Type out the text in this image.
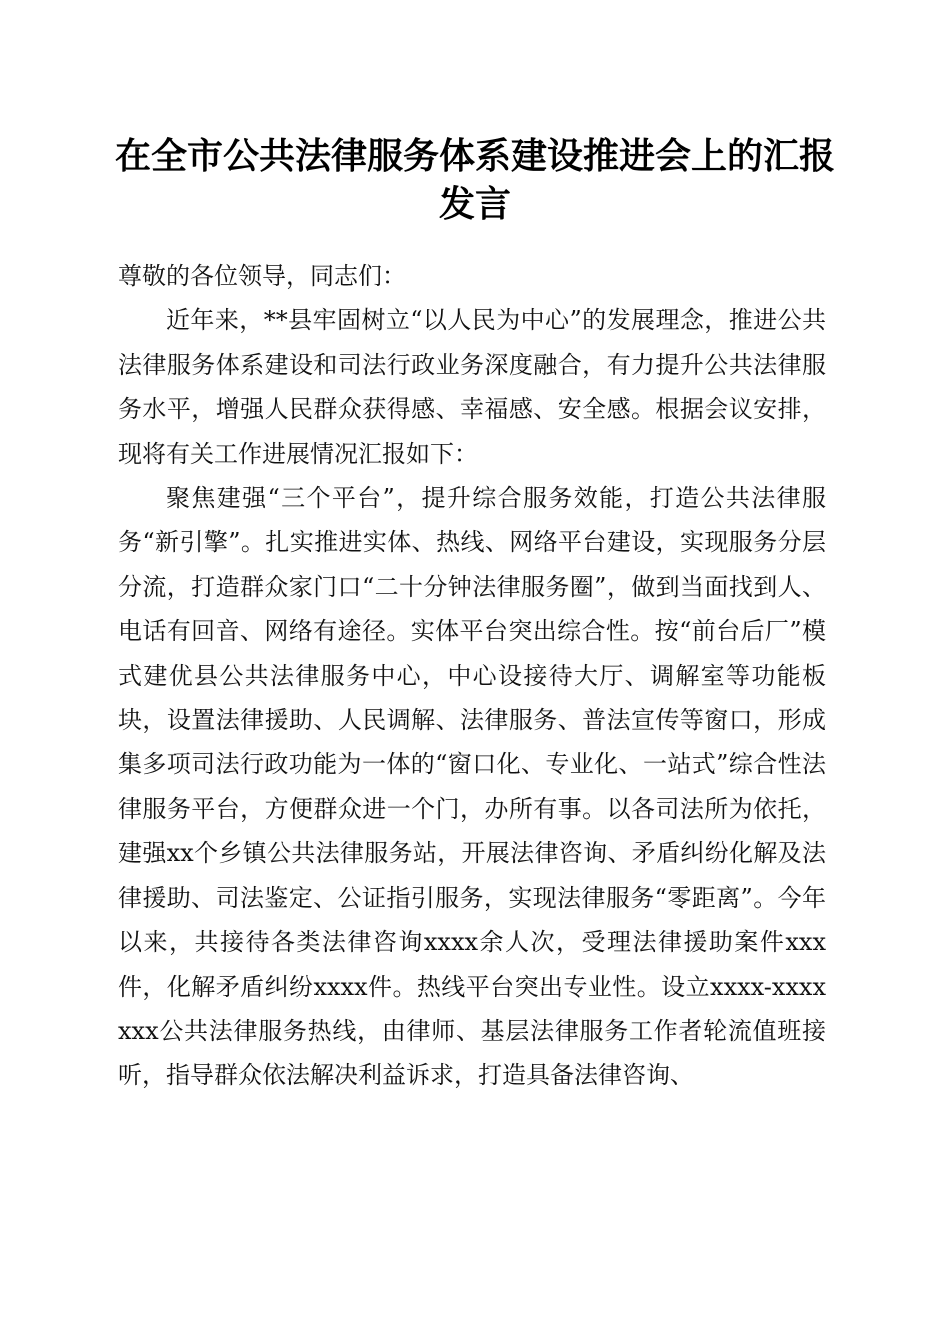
在全市公共法律服务体系建设推进会上的汇报
发言

尊敬的各位领导，同志们：

近年来，**县牢固树立“以人民为中心”的发展理念，推进公共法律服务体系建设和司法行政业务深度融合，有力提升公共法律服务水平，增强人民群众获得感、幸福感、安全感。根据会议安排，现将有关工作进展情况汇报如下：

聚焦建强“三个平台”，提升综合服务效能，打造公共法律服务“新引擎”。扎实推进实体、热线、网络平台建设，实现服务分层分流，打造群众家门口“二十分钟法律服务圈”，做到当面找到人、电话有回音、网络有途径。实体平台突出综合性。按“前台后厂”模式建优县公共法律服务中心，中心设接待大厅、调解室等功能板块，设置法律援助、人民调解、法律服务、普法宣传等窗口，形成集多项司法行政功能为一体的“窗口化、专业化、一站式”综合性法律服务平台，方便群众进一个门，办所有事。以各司法所为依托，建强xx个乡镇公共法律服务站，开展法律咨询、矛盾纠纷化解及法律援助、司法鉴定、公证指引服务，实现法律服务“零距离”。今年以来，共接待各类法律咨询xxxx余人次，受理法律援助案件xxx件，化解矛盾纠纷xxxx件。热线平台突出专业性。设立xxxx-xxxxxxx公共法律服务热线，由律师、基层法律服务工作者轮流值班接听，指导群众依法解决利益诉求，打造具备法律咨询、
